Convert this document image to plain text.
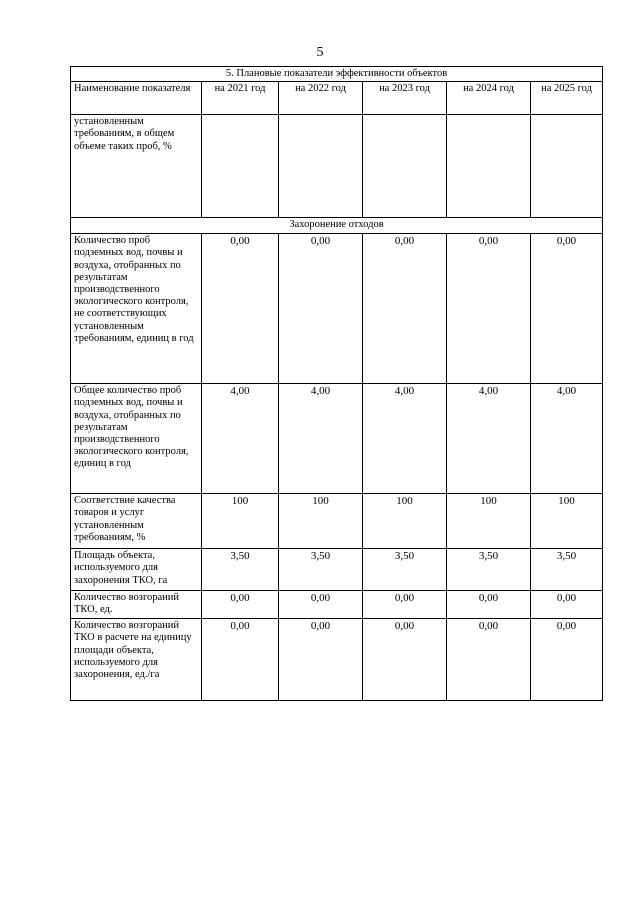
5
5. Плановые показатели эффективности объектов					
Наименование показателя	на 2021 год	на 2022 год	на 2023 год	на 2024 год	на 2025 год
установленным требованиям, в общем объеме таких проб, %					
Захоронение отходов					
Количество проб подземных вод, почвы и воздуха, отобранных по результатам производственного экологического контроля, не соответствующих установленным требованиям, единиц в год	0,00	0,00	0,00	0,00	0,00
Общее количество проб подземных вод, почвы и воздуха, отобранных по результатам производственного экологического контроля, единиц в год	4,00	4,00	4,00	4,00	4,00
Соответствие качества товаров и услуг установленным требованиям, %	100	100	100	100	100
Площадь объекта, используемого для захоронения ТКО, га	3,50	3,50	3,50	3,50	3,50
Количество возгораний ТКО, ед.	0,00	0,00	0,00	0,00	0,00
Количество возгораний ТКО в расчете на единицу площади объекта, используемого для захоронения, ед./га	0,00	0,00	0,00	0,00	0,00
